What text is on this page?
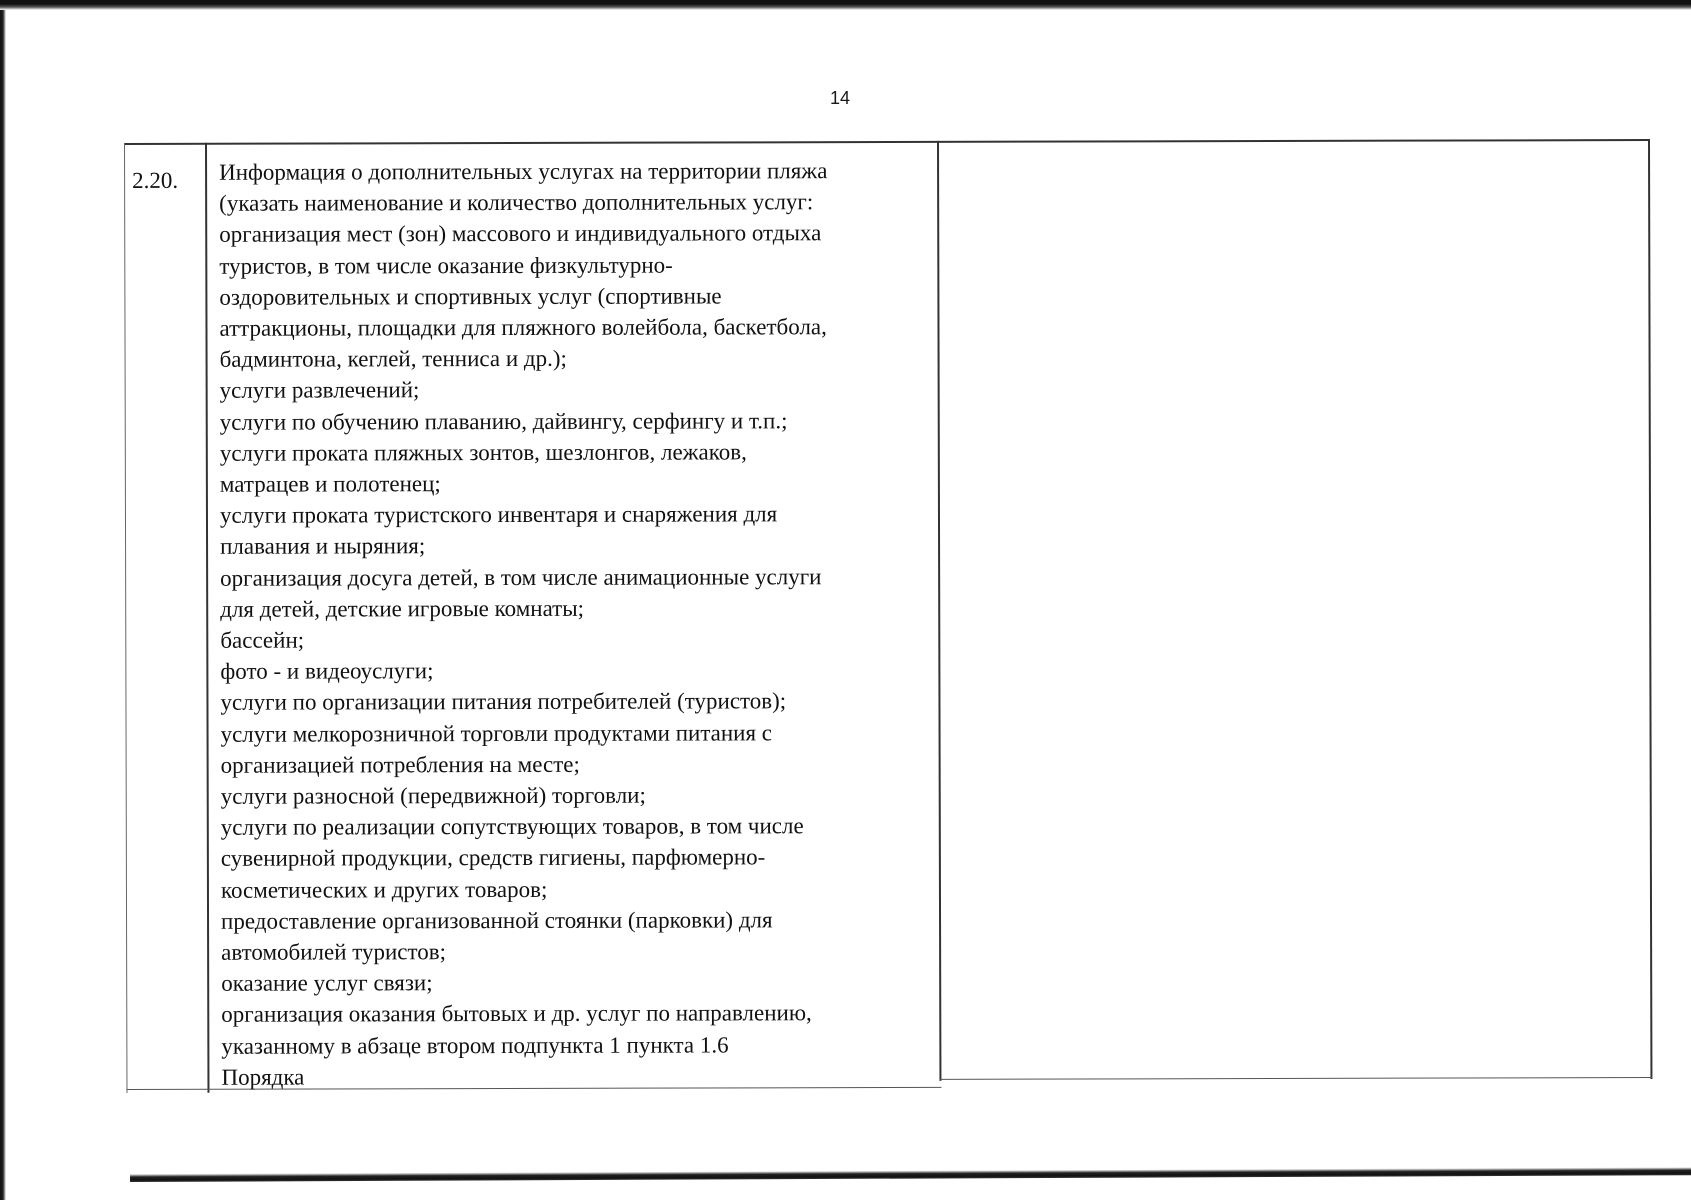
14
2.20. Информация о дополнительных услугах на территории пляжа
(указать наименование и количество дополнительных услуг:
организация мест (зон) массового и индивидуального отдыха
туристов, в том числе оказание физкультурно-
оздоровительных и спортивных услуг (спортивные
аттракционы, площадки для пляжного волейбола, баскетбола,
бадминтона, кеглей, тенниса и др.);
услуги развлечений;
услуги по обучению плаванию, дайвингу, серфингу и т.п.;
услуги проката пляжных зонтов, шезлонгов, лежаков,
матрацев и полотенец;
услуги проката туристского инвентаря и снаряжения для
плавания и ныряния;
организация досуга детей, в том числе анимационные услуги
для детей, детские игровые комнаты;
бассейн;
фото - и видеоуслуги;
услуги по организации питания потребителей (туристов);
услуги мелкорозничной торговли продуктами питания с
организацией потребления на месте;
услуги разносной (передвижной) торговли;
услуги по реализации сопутствующих товаров, в том числе
сувенирной продукции, средств гигиены, парфюмерно-
косметических и других товаров;
предоставление организованной стоянки (парковки) для
автомобилей туристов;
оказание услуг связи;
организация оказания бытовых и др. услуг по направлению,
указанному в абзаце втором подпункта 1 пункта 1.6
Порядка
